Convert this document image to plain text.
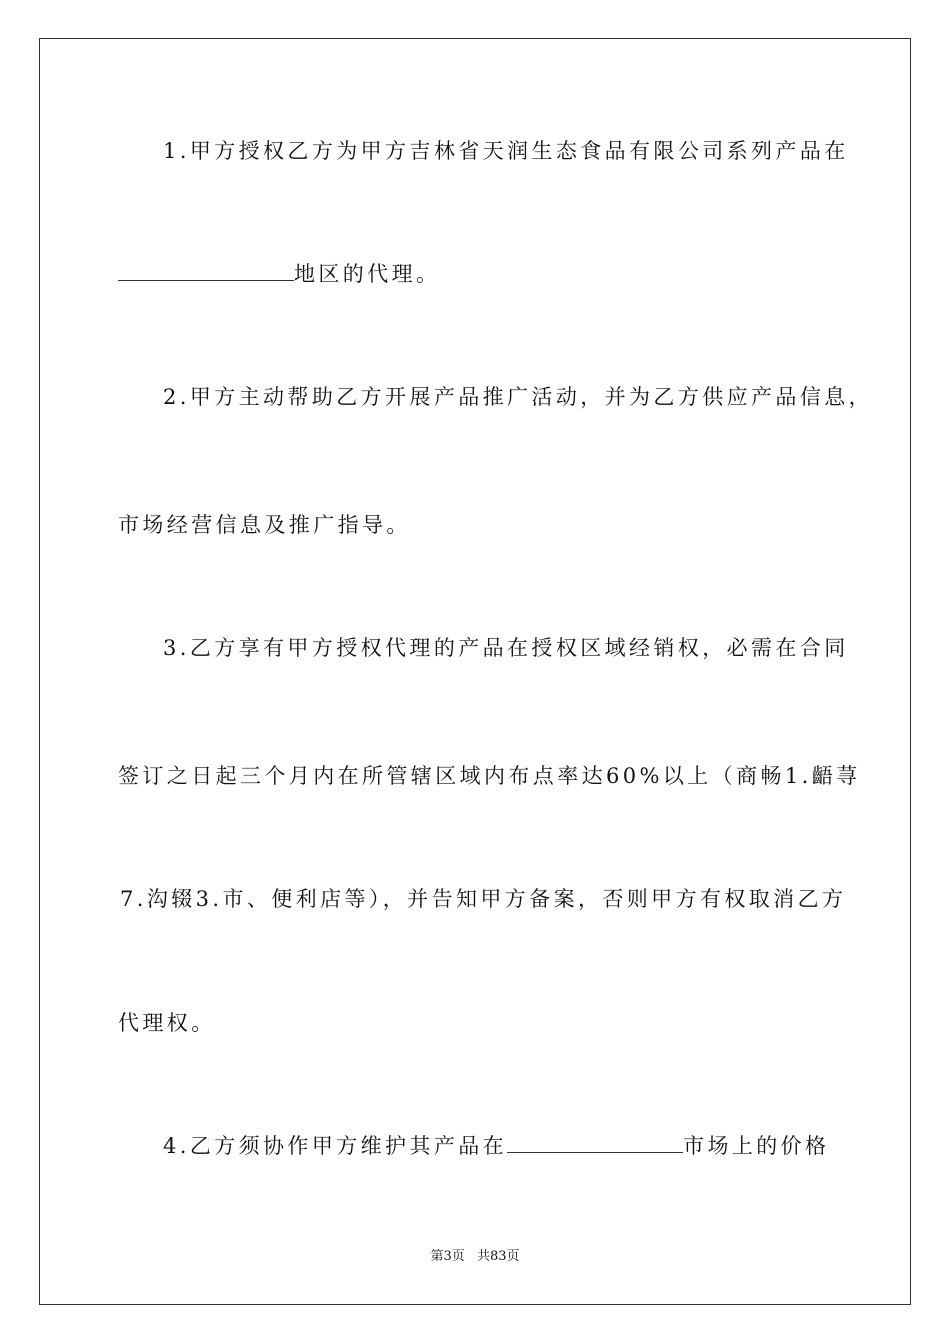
1.甲方授权乙方为甲方吉林省天润生态食品有限公司系列产品在
地区的代理。
2.甲方主动帮助乙方开展产品推广活动，并为乙方供应产品信息，
市场经营信息及推广指导。
3.乙方享有甲方授权代理的产品在授权区域经销权，必需在合同
签订之日起三个月内在所管辖区域内布点率达60%以上（商畅1.齬荨
7.沟辍3.市、便利店等），并告知甲方备案，否则甲方有权取消乙方
代理权。
4.乙方须协作甲方维护其产品在	市场上的价格
第3页 共83页
